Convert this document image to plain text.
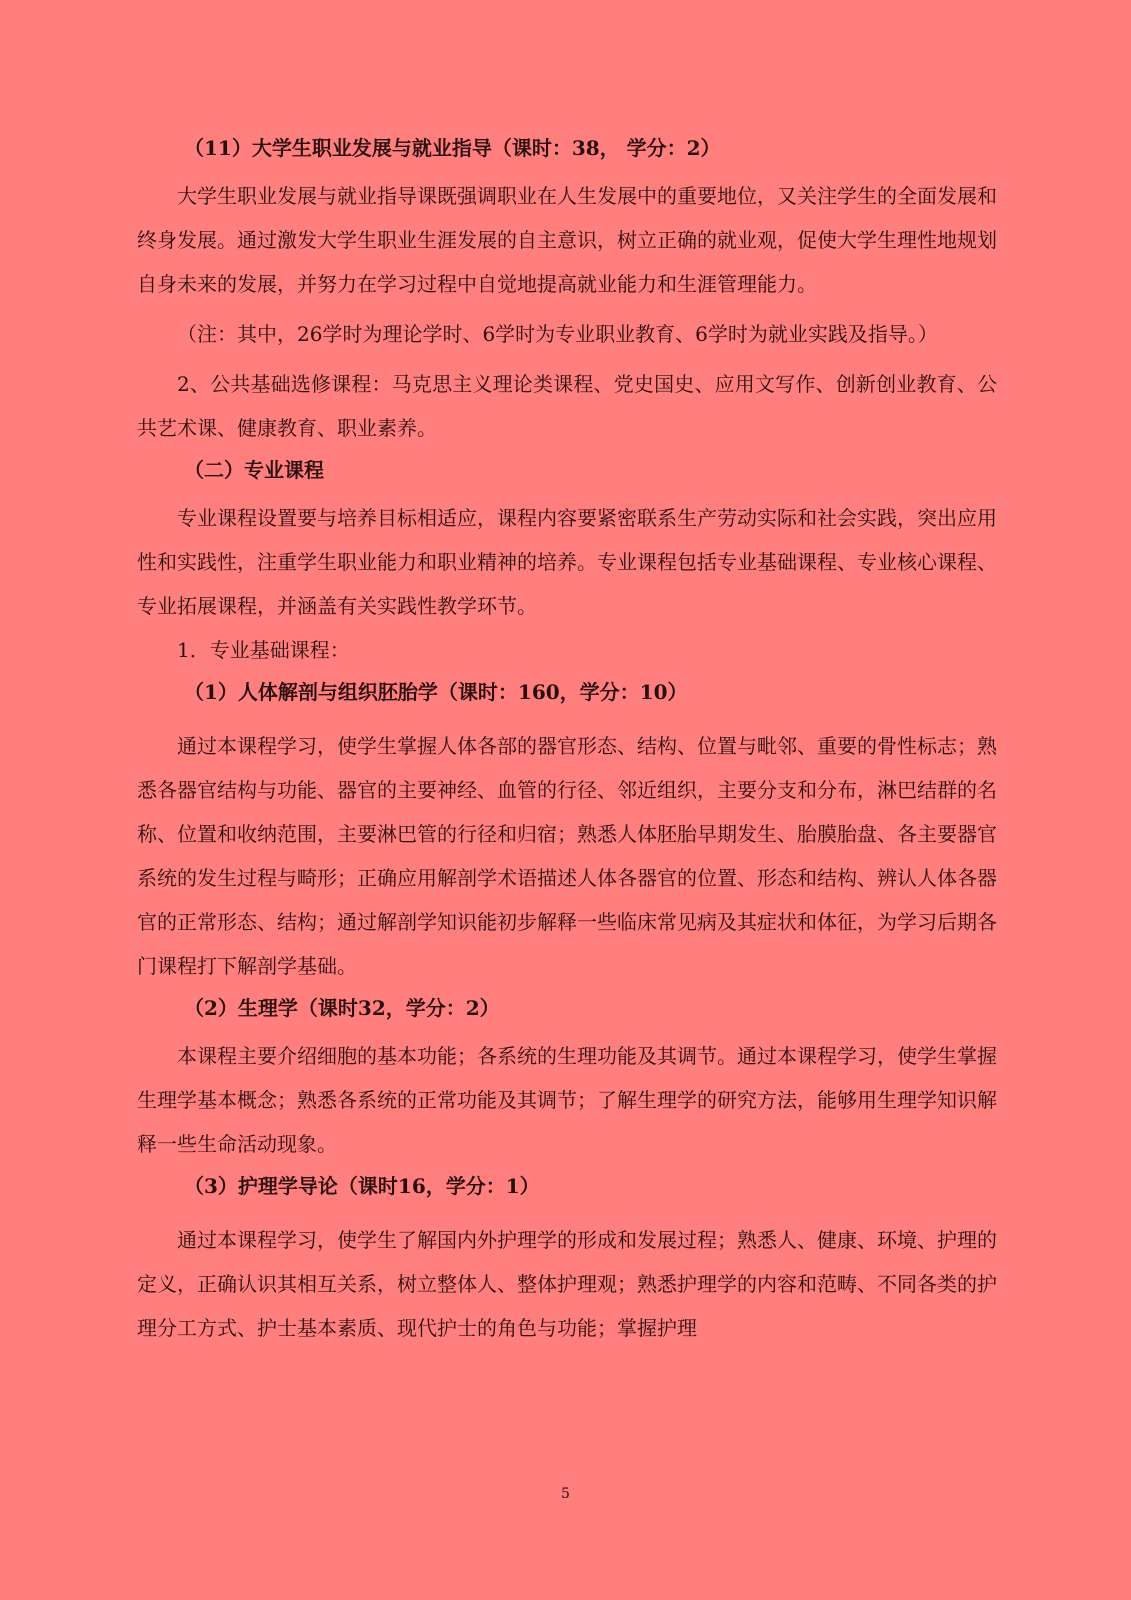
（11）大学生职业发展与就业指导（课时：38， 学分：2）

大学生职业发展与就业指导课既强调职业在人生发展中的重要地位，又关注学生的全面发展和终身发展。通过激发大学生职业生涯发展的自主意识，树立正确的就业观，促使大学生理性地规划自身未来的发展，并努力在学习过程中自觉地提高就业能力和生涯管理能力。

（注：其中，26学时为理论学时、6学时为专业职业教育、6学时为就业实践及指导。）

2、公共基础选修课程：马克思主义理论类课程、党史国史、应用文写作、创新创业教育、公共艺术课、健康教育、职业素养。

（二）专业课程

专业课程设置要与培养目标相适应，课程内容要紧密联系生产劳动实际和社会实践，突出应用性和实践性，注重学生职业能力和职业精神的培养。专业课程包括专业基础课程、专业核心课程、专业拓展课程，并涵盖有关实践性教学环节。

1．专业基础课程：

（1）人体解剖与组织胚胎学（课时：160，学分：10）

通过本课程学习，使学生掌握人体各部的器官形态、结构、位置与毗邻、重要的骨性标志；熟悉各器官结构与功能、器官的主要神经、血管的行径、邻近组织，主要分支和分布，淋巴结群的名称、位置和收纳范围，主要淋巴管的行径和归宿；熟悉人体胚胎早期发生、胎膜胎盘、各主要器官系统的发生过程与畸形；正确应用解剖学术语描述人体各器官的位置、形态和结构、辨认人体各器官的正常形态、结构；通过解剖学知识能初步解释一些临床常见病及其症状和体征，为学习后期各门课程打下解剖学基础。

（2）生理学（课时32，学分：2）

本课程主要介绍细胞的基本功能；各系统的生理功能及其调节。通过本课程学习，使学生掌握生理学基本概念；熟悉各系统的正常功能及其调节；了解生理学的研究方法，能够用生理学知识解释一些生命活动现象。

（3）护理学导论（课时16，学分：1）

通过本课程学习，使学生了解国内外护理学的形成和发展过程；熟悉人、健康、环境、护理的定义，正确认识其相互关系，树立整体人、整体护理观；熟悉护理学的内容和范畴、不同各类的护理分工方式、护士基本素质、现代护士的角色与功能；掌握护理

5
